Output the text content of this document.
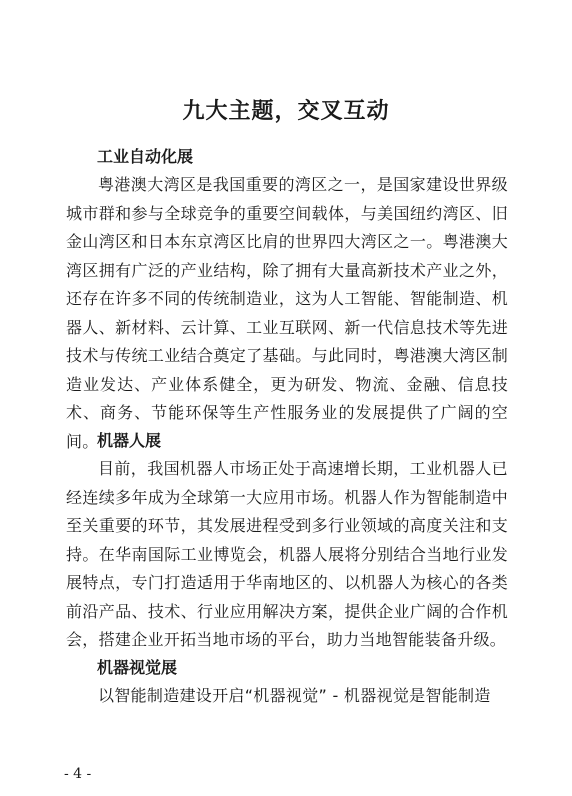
九大主题，交叉互动
工业自动化展

粤港澳大湾区是我国重要的湾区之一，是国家建设世界级城市群和参与全球竞争的重要空间载体，与美国纽约湾区、旧金山湾区和日本东京湾区比肩的世界四大湾区之一。粤港澳大湾区拥有广泛的产业结构，除了拥有大量高新技术产业之外，还存在许多不同的传统制造业，这为人工智能、智能制造、机器人、新材料、云计算、工业互联网、新一代信息技术等先进技术与传统工业结合奠定了基础。与此同时，粤港澳大湾区制造业发达、产业体系健全，更为研发、物流、金融、信息技术、商务、节能环保等生产性服务业的发展提供了广阔的空间。

机器人展

目前，我国机器人市场正处于高速增长期，工业机器人已经连续多年成为全球第一大应用市场。机器人作为智能制造中至关重要的环节，其发展进程受到多行业领域的高度关注和支持。在华南国际工业博览会，机器人展将分别结合当地行业发展特点，专门打造适用于华南地区的、以机器人为核心的各类前沿产品、技术、行业应用解决方案，提供企业广阔的合作机会，搭建企业开拓当地市场的平台，助力当地智能装备升级。

机器视觉展

以智能制造建设开启“机器视觉” - 机器视觉是智能制造

- 4 -
